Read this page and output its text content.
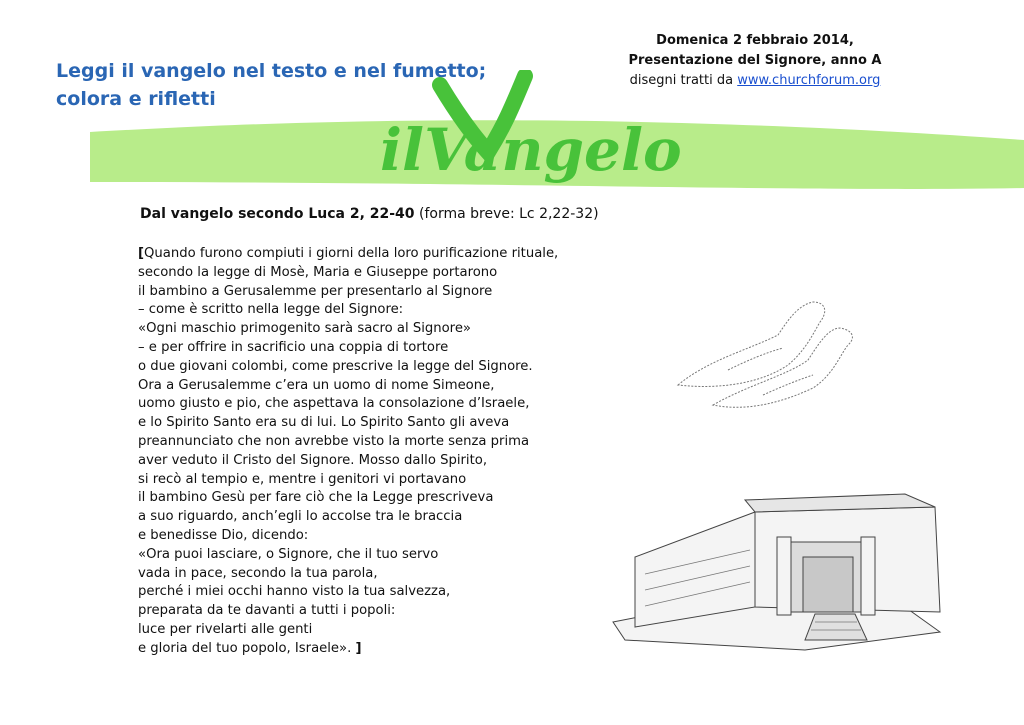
Leggi il vangelo nel testo e nel fumetto;
colora e rifletti
Domenica 2 febbraio 2014,
Presentazione del Signore, anno A
disegni tratti da www.churchforum.org
ilVangelo
Dal vangelo secondo Luca 2, 22-40 (forma breve: Lc 2,22-32)
[Quando furono compiuti i giorni della loro purificazione rituale,
secondo la legge di Mosè, Maria e Giuseppe portarono
il bambino a Gerusalemme per presentarlo al Signore
– come è scritto nella legge del Signore:
«Ogni maschio primogenito sarà sacro al Signore»
– e per offrire in sacrificio una coppia di tortore
o due giovani colombi, come prescrive la legge del Signore.
Ora a Gerusalemme c’era un uomo di nome Simeone,
uomo giusto e pio, che aspettava la consolazione d’Israele,
e lo Spirito Santo era su di lui. Lo Spirito Santo gli aveva
preannunciato che non avrebbe visto la morte senza prima
aver veduto il Cristo del Signore. Mosso dallo Spirito,
si recò al tempio e, mentre i genitori vi portavano
il bambino Gesù per fare ciò che la Legge prescriveva
a suo riguardo, anch’egli lo accolse tra le braccia
e benedisse Dio, dicendo:
«Ora puoi lasciare, o Signore, che il tuo servo
vada in pace, secondo la tua parola,
perché i miei occhi hanno visto la tua salvezza,
preparata da te davanti a tutti i popoli:
luce per rivelarti alle genti
e gloria del tuo popolo, Israele». ]
